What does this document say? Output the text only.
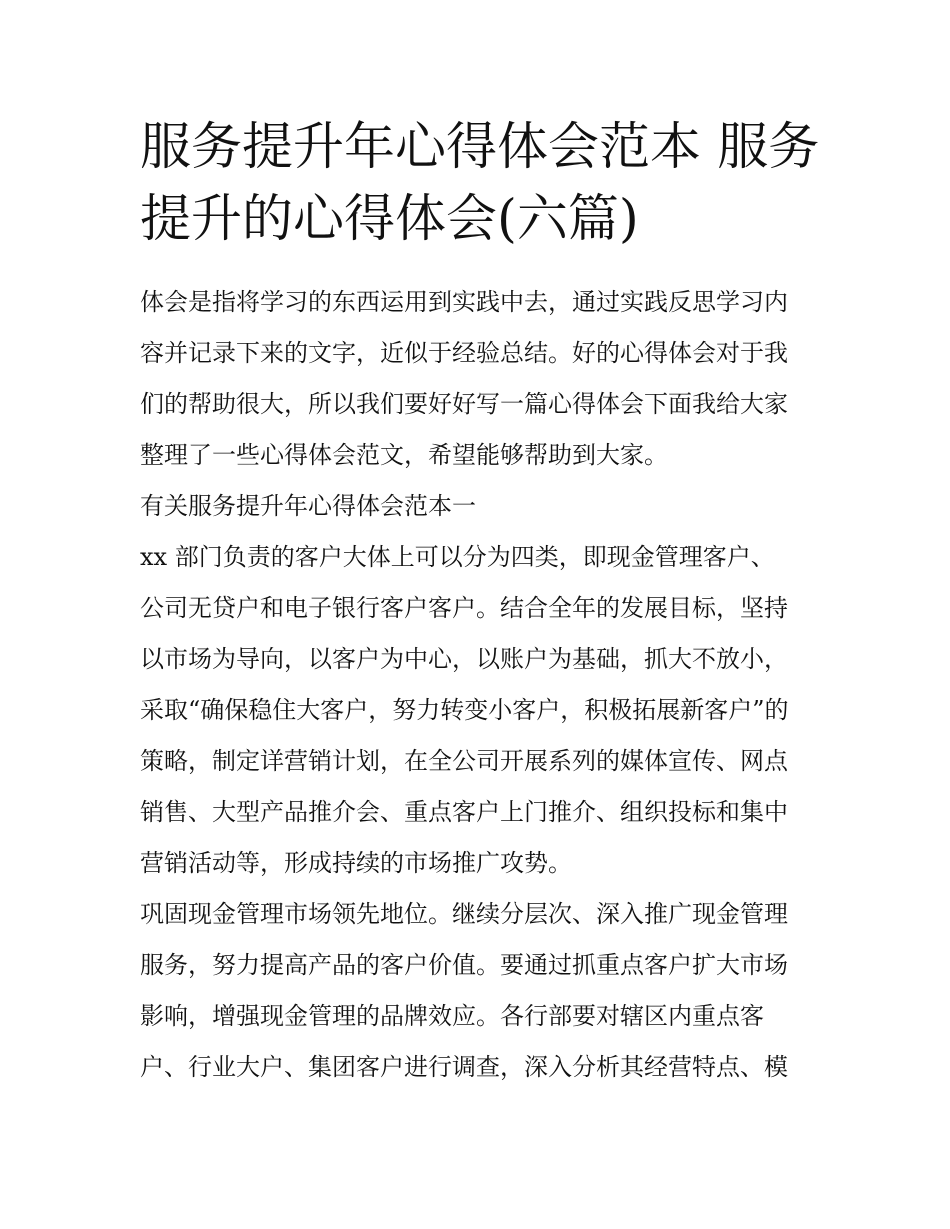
服务提升年心得体会范本 服务
提升的心得体会(六篇)
体会是指将学习的东西运用到实践中去，通过实践反思学习内
容并记录下来的文字，近似于经验总结。好的心得体会对于我
们的帮助很大，所以我们要好好写一篇心得体会下面我给大家
整理了一些心得体会范文，希望能够帮助到大家。
有关服务提升年心得体会范本一
xx 部门负责的客户大体上可以分为四类，即现金管理客户、
公司无贷户和电子银行客户客户。结合全年的发展目标，坚持
以市场为导向，以客户为中心，以账户为基础，抓大不放小，
采取“确保稳住大客户，努力转变小客户，积极拓展新客户”的
策略，制定详营销计划，在全公司开展系列的媒体宣传、网点
销售、大型产品推介会、重点客户上门推介、组织投标和集中
营销活动等，形成持续的市场推广攻势。
巩固现金管理市场领先地位。继续分层次、深入推广现金管理
服务，努力提高产品的客户价值。要通过抓重点客户扩大市场
影响，增强现金管理的品牌效应。各行部要对辖区内重点客
户、行业大户、集团客户进行调查，深入分析其经营特点、模
